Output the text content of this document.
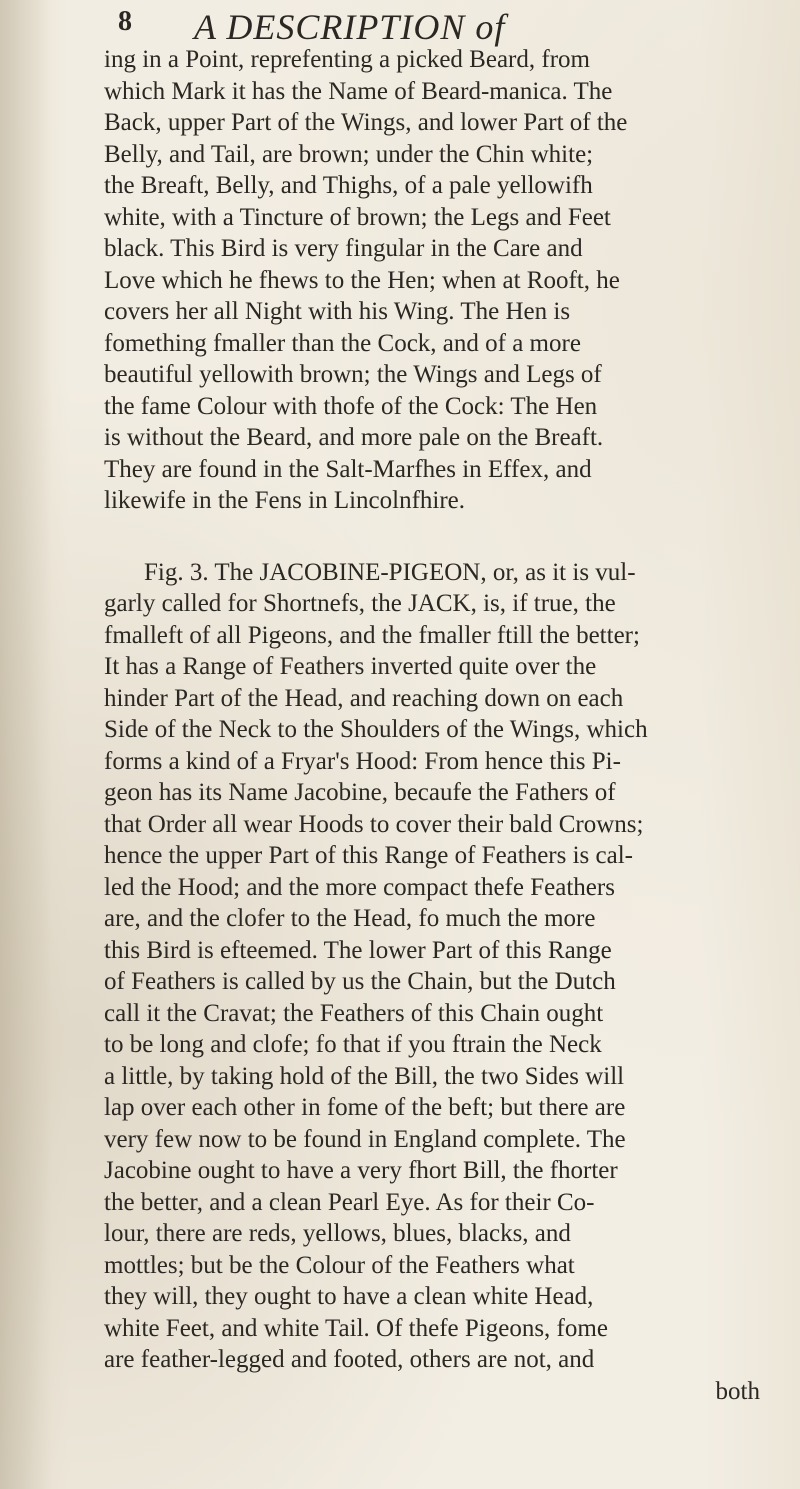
8 A DESCRIPTION of
ing in a Point, reprefenting a picked Beard, from
which Mark it has the Name of Beard-manica. The
Back, upper Part of the Wings, and lower Part of the
Belly, and Tail, are brown; under the Chin white;
the Breaft, Belly, and Thighs, of a pale yellowifh
white, with a Tincture of brown; the Legs and Feet
black. This Bird is very fingular in the Care and
Love which he fhews to the Hen; when at Rooft, he
covers her all Night with his Wing. The Hen is
fomething fmaller than the Cock, and of a more
beautiful yellowith brown; the Wings and Legs of
the fame Colour with thofe of the Cock: The Hen
is without the Beard, and more pale on the Breaft.
They are found in the Salt-Marfhes in Effex, and
likewife in the Fens in Lincolnfhire.
Fig. 3. The JACOBINE-PIGEON, or, as it is vul-
garly called for Shortnefs, the JACK, is, if true, the
fmalleft of all Pigeons, and the fmaller ftill the better;
It has a Range of Feathers inverted quite over the
hinder Part of the Head, and reaching down on each
Side of the Neck to the Shoulders of the Wings, which
forms a kind of a Fryar's Hood: From hence this Pi-
geon has its Name Jacobine, becaufe the Fathers of
that Order all wear Hoods to cover their bald Crowns;
hence the upper Part of this Range of Feathers is cal-
led the Hood; and the more compact thefe Feathers
are, and the clofer to the Head, fo much the more
this Bird is efteemed. The lower Part of this Range
of Feathers is called by us the Chain, but the Dutch
call it the Cravat; the Feathers of this Chain ought
to be long and clofe; fo that if you ftrain the Neck
a little, by taking hold of the Bill, the two Sides will
lap over each other in fome of the beft; but there are
very few now to be found in England complete. The
Jacobine ought to have a very fhort Bill, the fhorter
the better, and a clean Pearl Eye. As for their Co-
lour, there are reds, yellows, blues, blacks, and
mottles; but be the Colour of the Feathers what
they will, they ought to have a clean white Head,
white Feet, and white Tail. Of thefe Pigeons, fome
are feather-legged and footed, others are not, and
both
